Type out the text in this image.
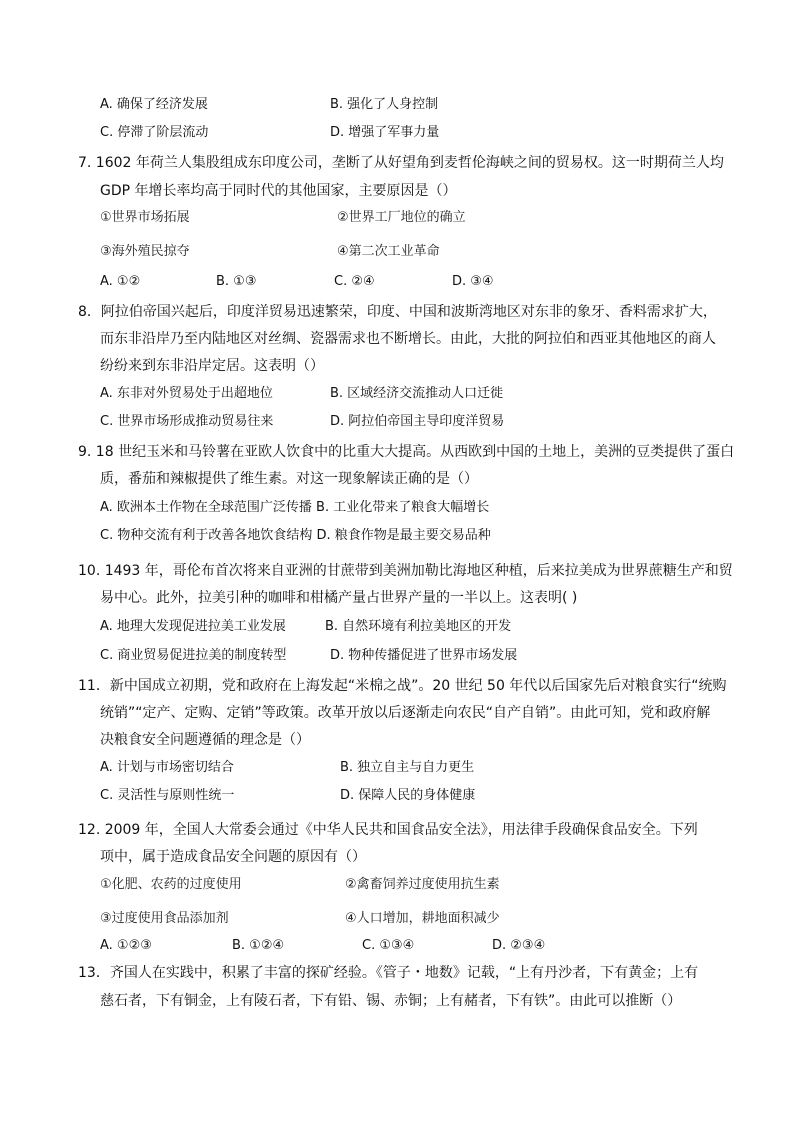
A. 确保了经济发展	B. 强化了人身控制
C. 停滞了阶层流动	D. 增强了军事力量
7. 1602 年荷兰人集股组成东印度公司，垄断了从好望角到麦哲伦海峡之间的贸易权。这一时期荷兰人均
GDP 年增长率均高于同时代的其他国家，主要原因是（）
①世界市场拓展	②世界工厂地位的确立
③海外殖民掠夺	④第二次工业革命
A. ①②	B. ①③	C. ②④	D. ③④
8．阿拉伯帝国兴起后，印度洋贸易迅速繁荣，印度、中国和波斯湾地区对东非的象牙、香料需求扩大，
而东非沿岸乃至内陆地区对丝绸、瓷器需求也不断增长。由此，大批的阿拉伯和西亚其他地区的商人
纷纷来到东非沿岸定居。这表明（）
A. 东非对外贸易处于出超地位	B. 区域经济交流推动人口迁徙
C. 世界市场形成推动贸易往来	D. 阿拉伯帝国主导印度洋贸易
9. 18 世纪玉米和马铃薯在亚欧人饮食中的比重大大提高。从西欧到中国的土地上，美洲的豆类提供了蛋白
质，番茄和辣椒提供了维生素。对这一现象解读正确的是（）
A. 欧洲本土作物在全球范围广泛传播 B. 工业化带来了粮食大幅增长
C. 物种交流有利于改善各地饮食结构 D. 粮食作物是最主要交易品种
10. 1493 年，哥伦布首次将来自亚洲的甘蔗带到美洲加勒比海地区种植，后来拉美成为世界蔗糖生产和贸
易中心。此外，拉美引种的咖啡和柑橘产量占世界产量的一半以上。这表明( )
A. 地理大发现促进拉美工业发展	B. 自然环境有利拉美地区的开发
C. 商业贸易促进拉美的制度转型	D. 物种传播促进了世界市场发展
11．新中国成立初期，党和政府在上海发起“米棉之战”。20 世纪 50 年代以后国家先后对粮食实行“统购
统销”“定产、定购、定销”等政策。改革开放以后逐渐走向农民“自产自销”。由此可知，党和政府解
决粮食安全问题遵循的理念是（）
A. 计划与市场密切结合	B. 独立自主与自力更生
C. 灵活性与原则性统一	D. 保障人民的身体健康
12. 2009 年，全国人大常委会通过《中华人民共和国食品安全法》，用法律手段确保食品安全。下列
项中，属于造成食品安全问题的原因有（）
①化肥、农药的过度使用	②禽畜饲养过度使用抗生素
③过度使用食品添加剂	④人口增加，耕地面积减少
A. ①②③	B. ①②④	C. ①③④	D. ②③④
13．齐国人在实践中，积累了丰富的探矿经验。《管子・地数》记载，“上有丹沙者，下有黄金；上有
慈石者，下有铜金，上有陵石者，下有铅、锡、赤铜；上有赭者，下有铁”。由此可以推断（）
